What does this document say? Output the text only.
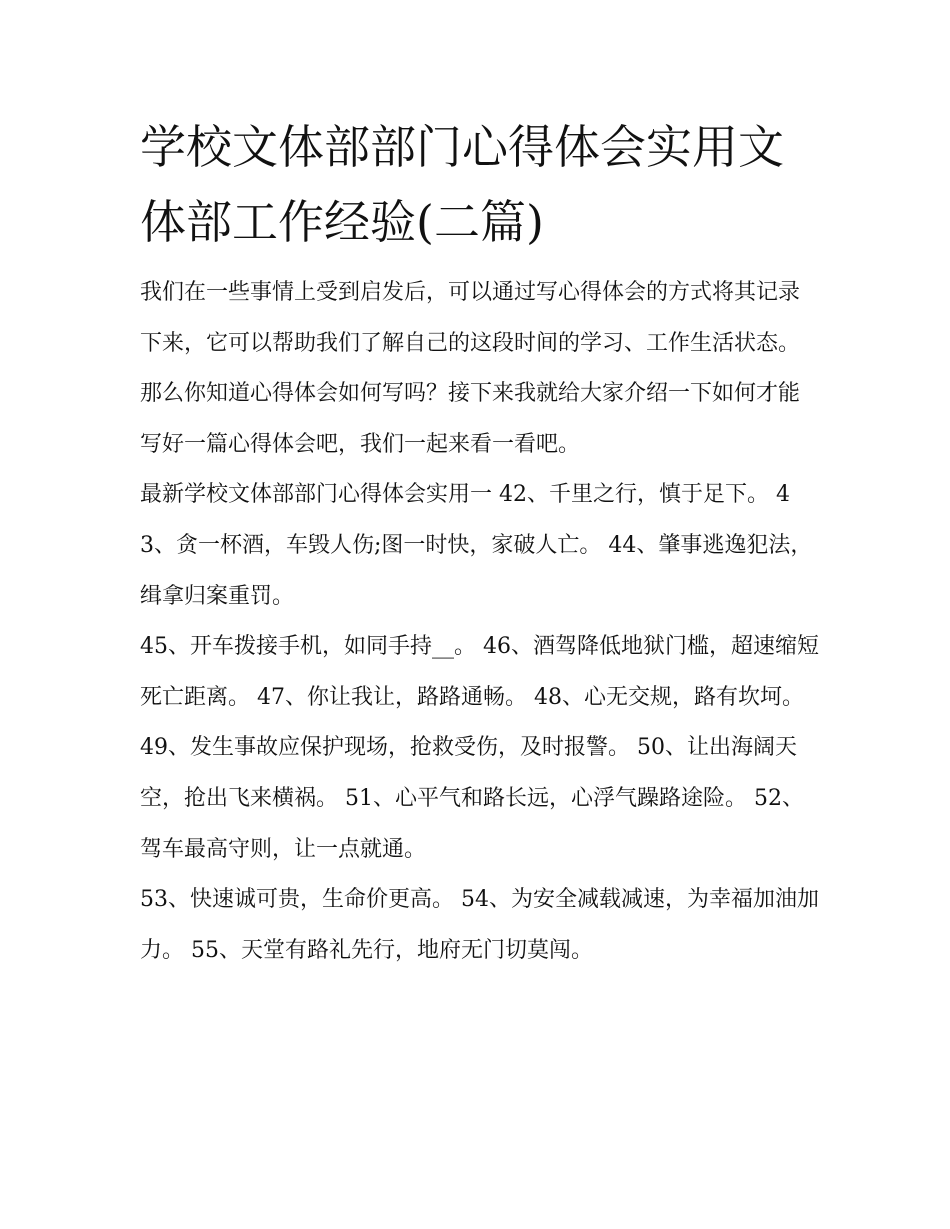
学校文体部部门心得体会实用文体部工作经验(二篇)

我们在一些事情上受到启发后，可以通过写心得体会的方式将其记录下来，它可以帮助我们了解自己的这段时间的学习、工作生活状态。那么你知道心得体会如何写吗？接下来我就给大家介绍一下如何才能写好一篇心得体会吧，我们一起来看一看吧。

最新学校文体部部门心得体会实用一 42、千里之行，慎于足下。 43、贪一杯酒，车毁人伤;图一时快，家破人亡。 44、肇事逃逸犯法，缉拿归案重罚。

45、开车拨接手机，如同手持__。 46、酒驾降低地狱门槛，超速缩短死亡距离。 47、你让我让，路路通畅。 48、心无交规，路有坎坷。

49、发生事故应保护现场，抢救受伤，及时报警。 50、让出海阔天空，抢出飞来横祸。 51、心平气和路长远，心浮气躁路途险。 52、驾车最高守则，让一点就通。

53、快速诚可贵，生命价更高。 54、为安全减载减速，为幸福加油加力。 55、天堂有路礼先行，地府无门切莫闯。
